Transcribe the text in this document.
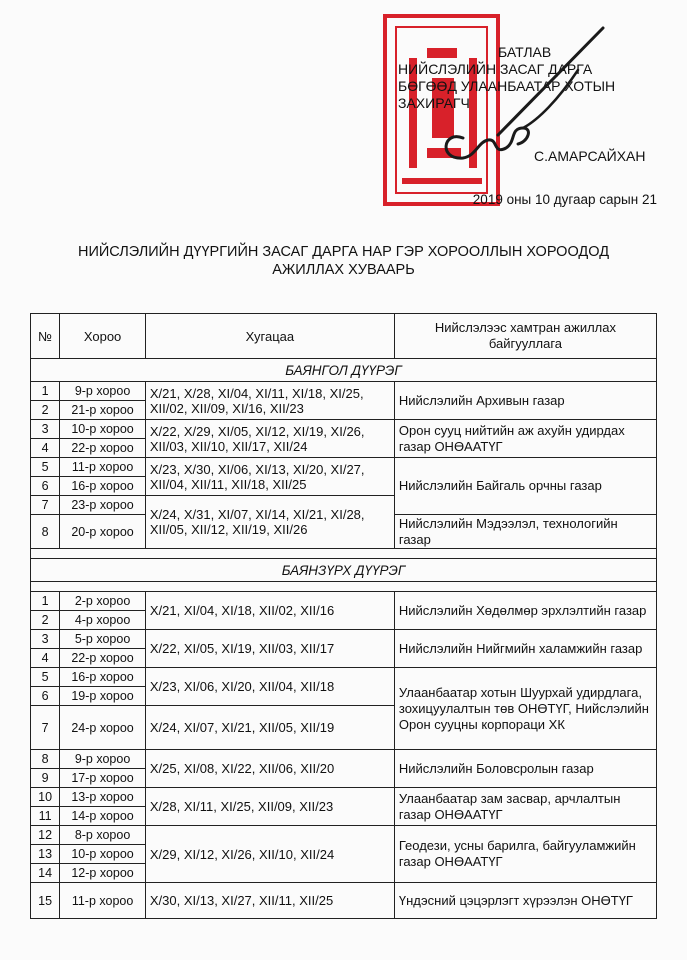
БАТЛАВ
НИЙСЛЭЛИЙН ЗАСАГ ДАРГА
БӨГӨӨД УЛААНБААТАР ХОТЫН
ЗАХИРАГЧ
С.АМАРСАЙХАН
2019 оны 10 дугаар сарын 21
НИЙСЛЭЛИЙН ДҮҮРГИЙН ЗАСАГ ДАРГА НАР ГЭР ХОРООЛЛЫН ХОРООДОД
АЖИЛЛАХ ХУВААРЬ
№	Хороо	Хугацаа	Нийслэлээс хамтран ажиллах байгууллага
БАЯНГОЛ ДҮҮРЭГ			
1	9-р хороо	X/21, X/28, XI/04, XI/11, XI/18, XI/25, XII/02, XII/09, XI/16, XII/23	Нийслэлийн Архивын газар
2	21-р хороо		
3	10-р хороо	X/22, X/29, XI/05, XI/12, XI/19, XI/26, XII/03, XII/10, XII/17, XII/24	Орон сууц нийтийн аж ахуйн удирдах газар ОНӨААТҮГ
4	22-р хороо		
5	11-р хороо	X/23, X/30, XI/06, XI/13, XI/20, XI/27, XII/04, XII/11, XII/18, XII/25	Нийслэлийн Байгаль орчны газар
6	16-р хороо		
7	23-р хороо	X/24, X/31, XI/07, XI/14, XI/21, XI/28, XII/05, XII/12, XII/19, XII/26	
8	20-р хороо		Нийслэлийн Мэдээлэл, технологийн газар

БАЯНЗҮРХ ДҮҮРЭГ			

1	2-р хороо	X/21, XI/04, XI/18, XII/02, XII/16	Нийслэлийн Хөдөлмөр эрхлэлтийн газар
2	4-р хороо		
3	5-р хороо	X/22, XI/05, XI/19, XII/03, XII/17	Нийслэлийн Нийгмийн халамжийн газар
4	22-р хороо		
5	16-р хороо	X/23, XI/06, XI/20, XII/04, XII/18	Улаанбаатар хотын Шуурхай удирдлага, зохицуулалтын төв ОНӨТҮГ, Нийслэлийн Орон сууцны корпораци ХК
6	19-р хороо		
7	24-р хороо	X/24, XI/07, XI/21, XII/05, XII/19	
8	9-р хороо	X/25, XI/08, XI/22, XII/06, XII/20	Нийслэлийн Боловсролын газар
9	17-р хороо		
10	13-р хороо	X/28, XI/11, XI/25, XII/09, XII/23	Улаанбаатар зам засвар, арчлалтын газар ОНӨААТҮГ
11	14-р хороо		
12	8-р хороо	X/29, XI/12, XI/26, XII/10, XII/24	Геодези, усны барилга, байгууламжийн газар ОНӨААТҮГ
13	10-р хороо		
14	12-р хороо		
15	11-р хороо	X/30, XI/13, XI/27, XII/11, XII/25	Үндэсний цэцэрлэгт хүрээлэн ОНӨТҮГ
